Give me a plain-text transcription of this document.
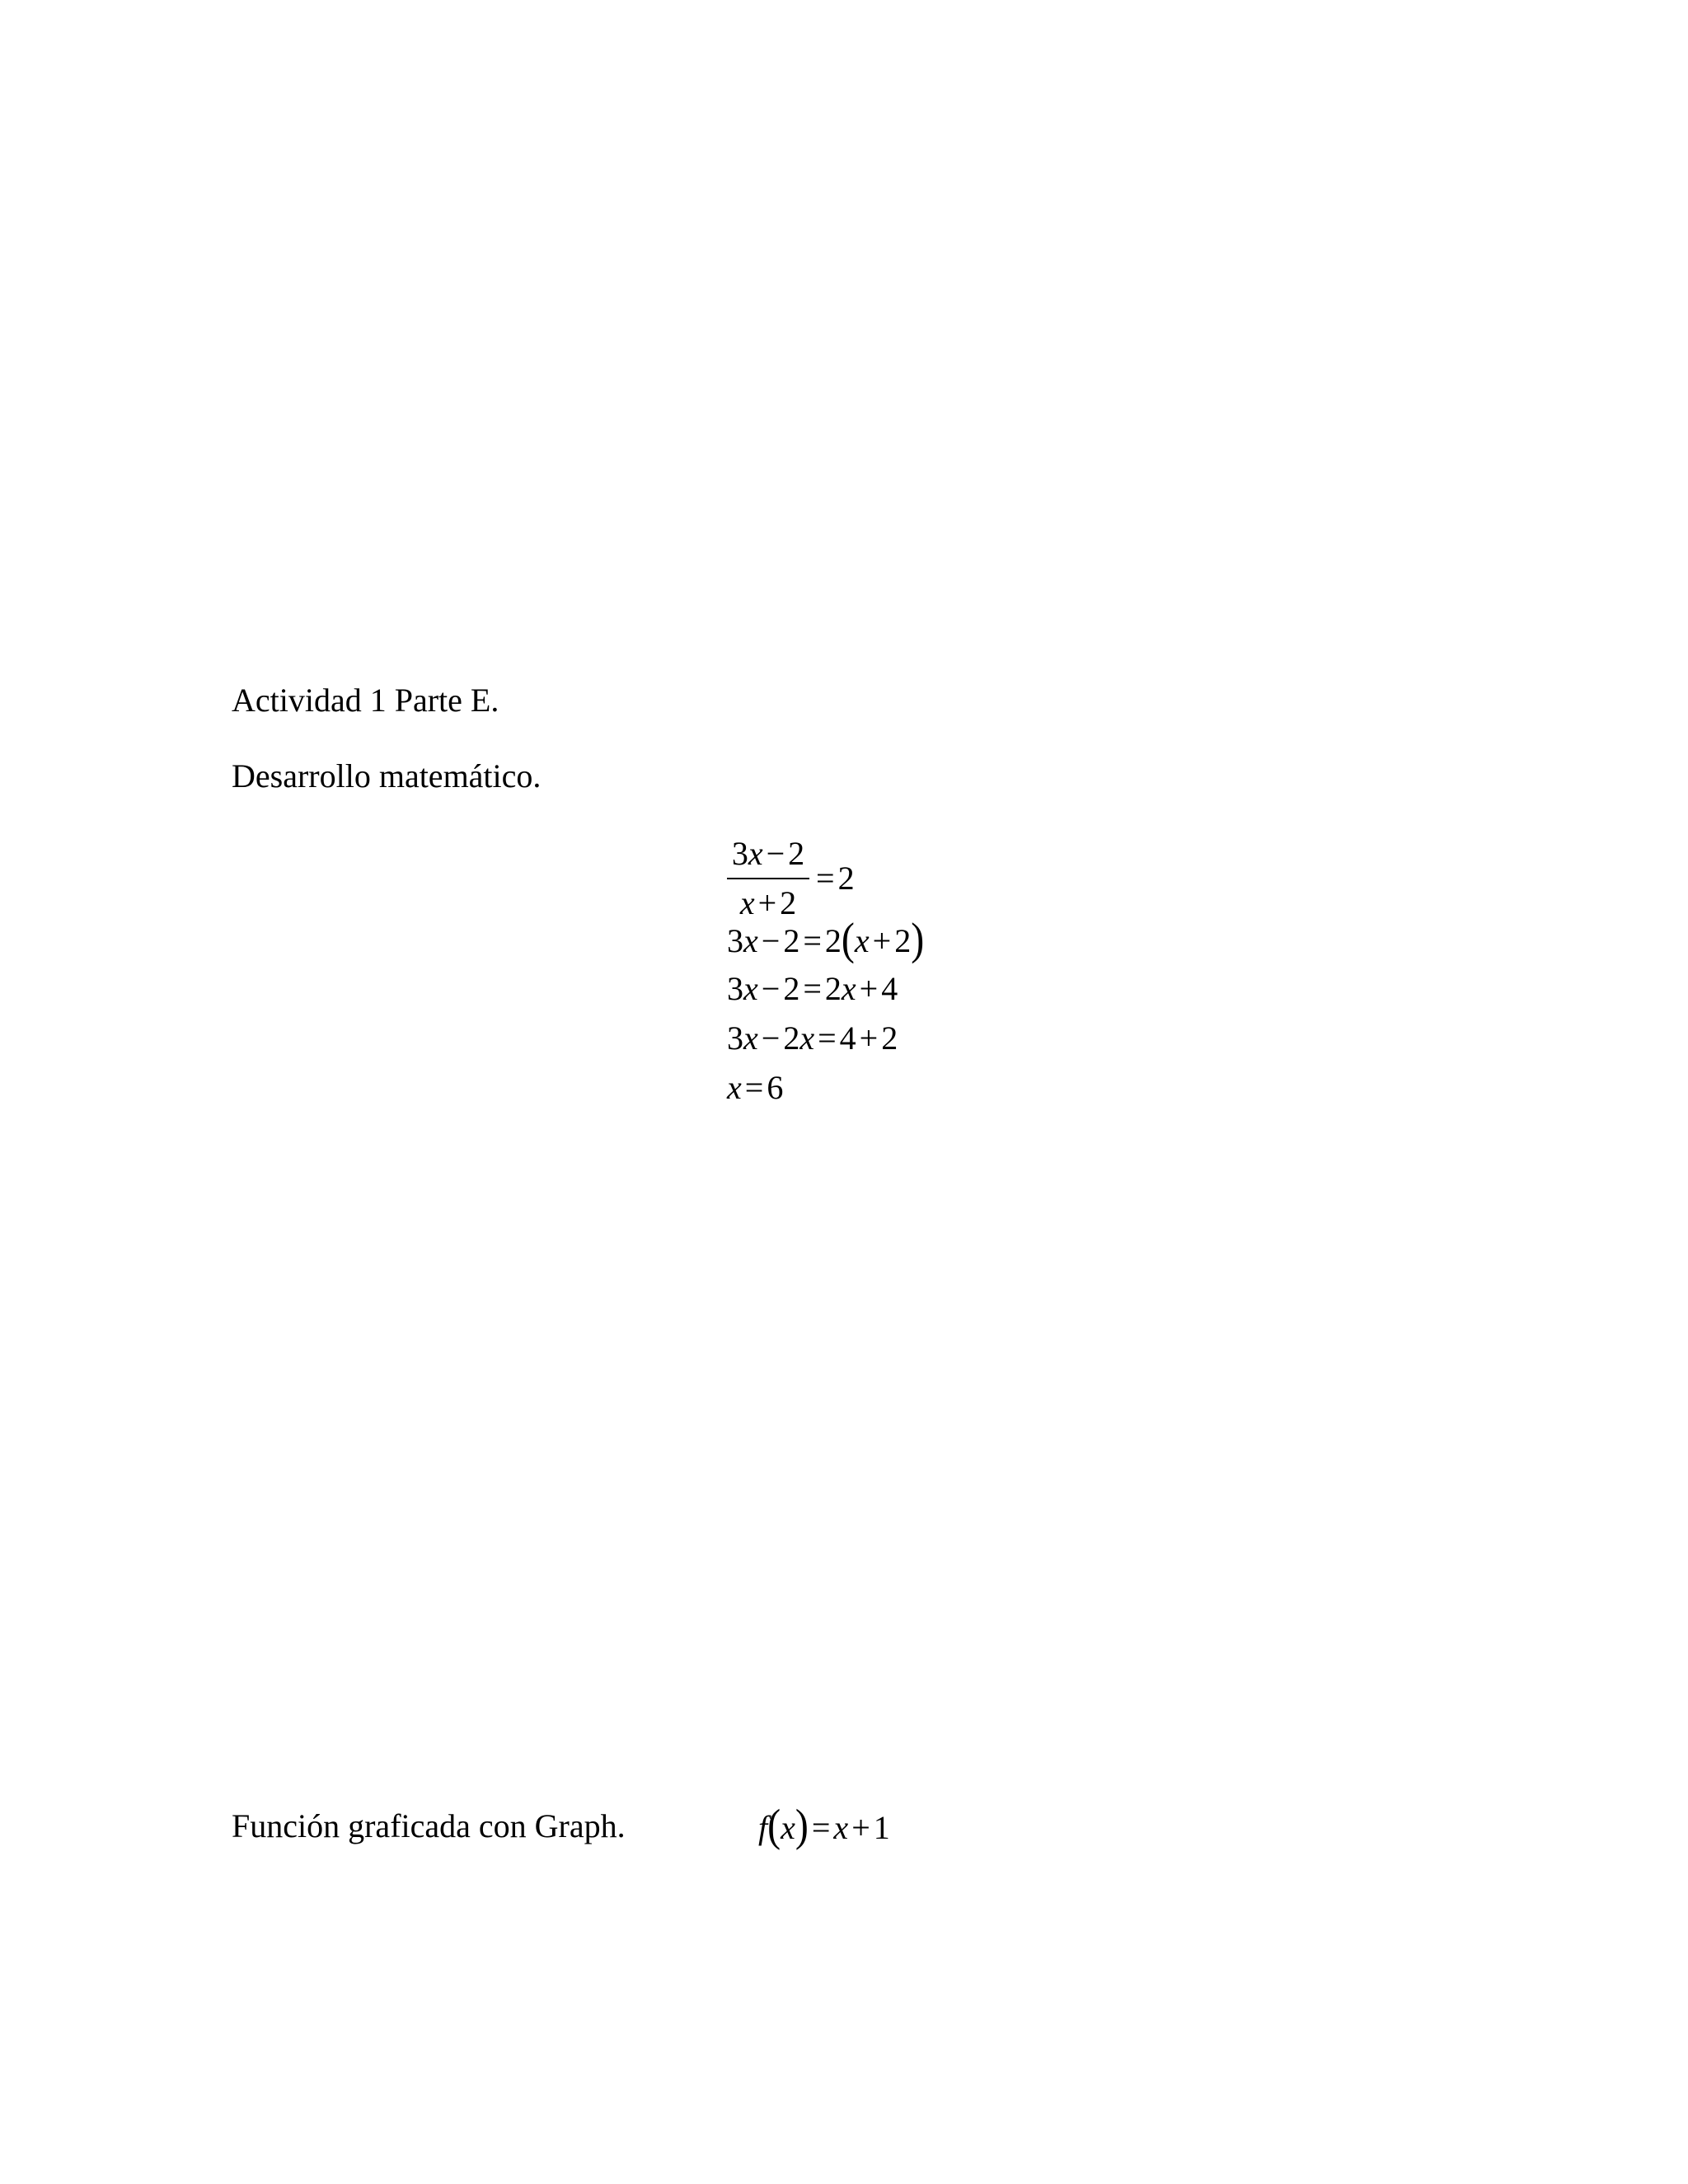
Actividad 1 Parte E.
Desarrollo matemático.
3x − 2
x + 2
= 2
3x − 2 = 2(x + 2)
3x − 2 = 2x + 4
3x − 2x = 4 + 2
x = 6
Función graficada con Graph.	f(x) = x + 1
